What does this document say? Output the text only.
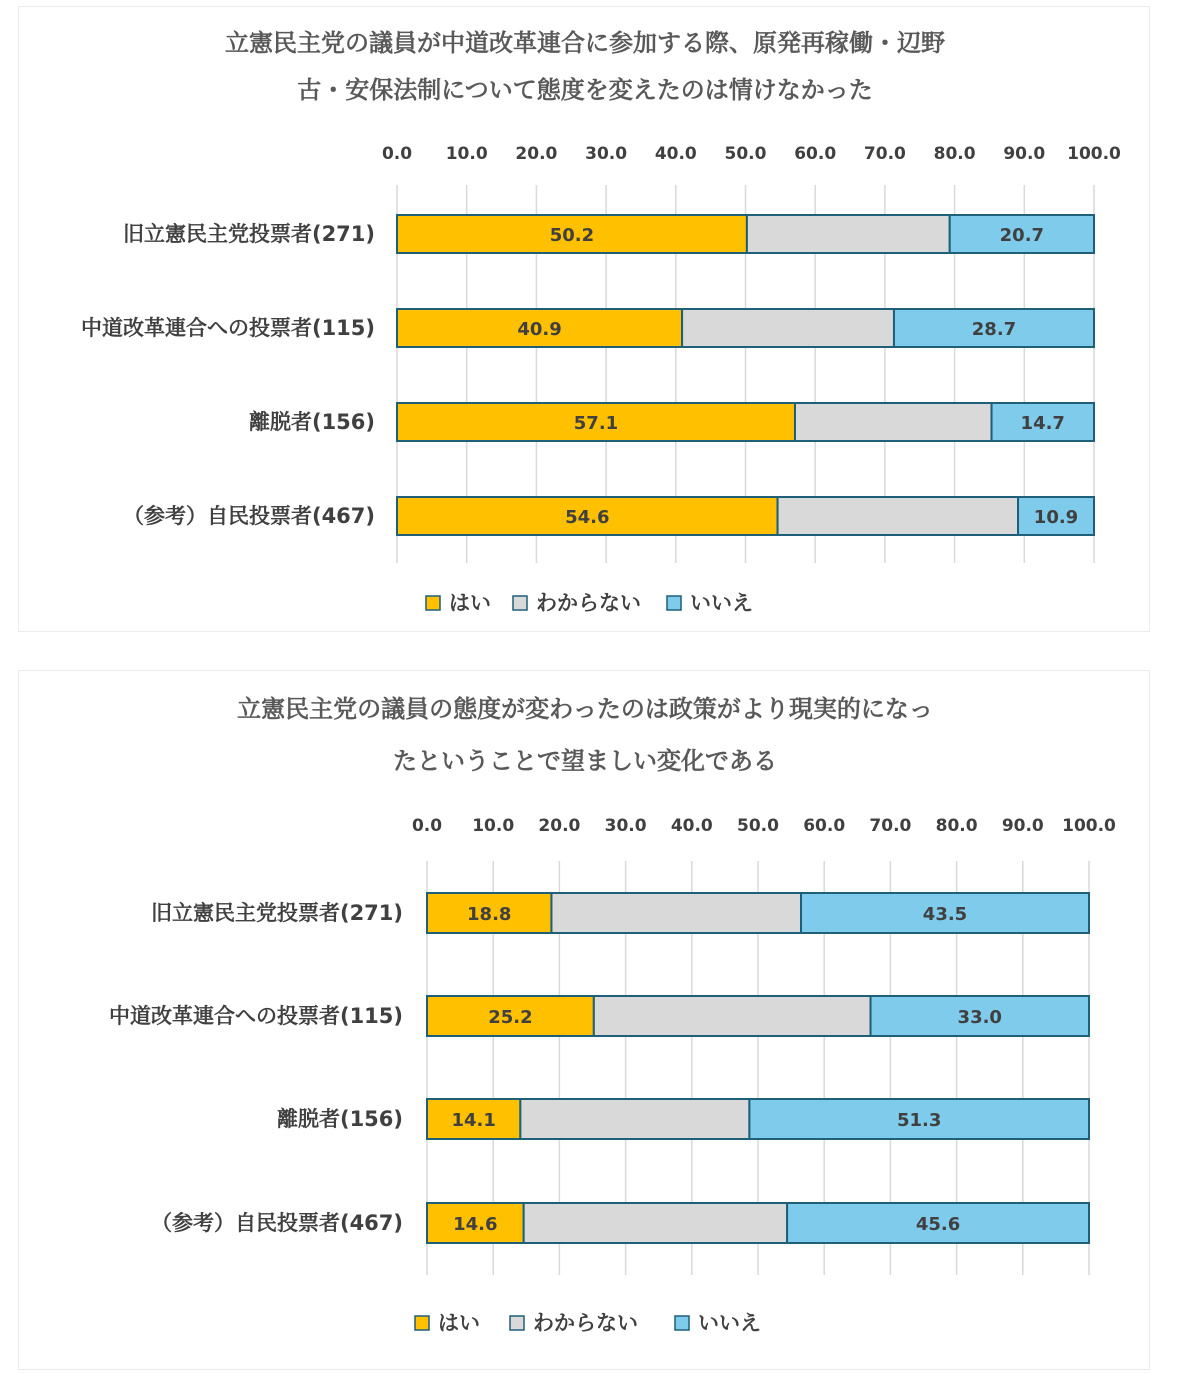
立憲民主党の議員が中道改革連合に参加する際、原発再稼働・辺野
古・安保法制について態度を変えたのは情けなかった
0.0 10.0 20.0 30.0 40.0 50.0 60.0 70.0 80.0 90.0 100.0
旧立憲民主党投票者(271)	50.2	20.7
中道改革連合への投票者(115)	40.9	28.7
離脱者(156)	57.1	14.7
（参考）自民投票者(467)	54.6	10.9
はい わからない いいえ
立憲民主党の議員の態度が変わったのは政策がより現実的になっ
たということで望ましい変化である
0.0 10.0 20.0 30.0 40.0 50.0 60.0 70.0 80.0 90.0 100.0
旧立憲民主党投票者(271)	18.8	43.5
中道改革連合への投票者(115)	25.2	33.0
離脱者(156)	14.1	51.3
（参考）自民投票者(467)	14.6	45.6
はい	わからない	いいえ
